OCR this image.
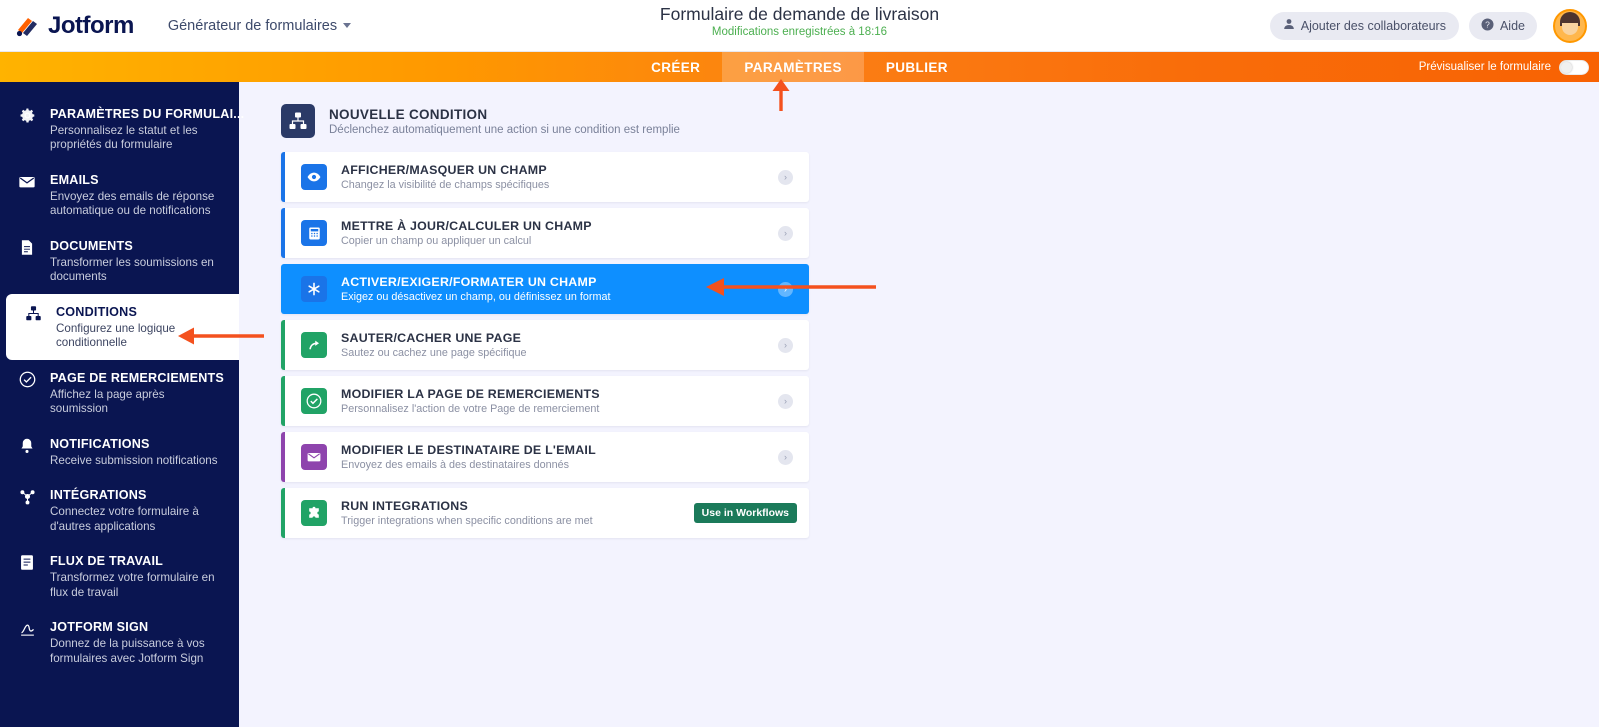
Jotform Générateur de formulaires
Formulaire de demande de livraison
Modifications enregistrées à 18:16	Ajouter des collaborateurs	? Aide
CRÉER	PARAMÈTRES	PUBLIER	Prévisualiser le formulaire
PARAMÈTRES DU FORMULAI...
Personnalisez le statut et les propriétés du formulaire
EMAILS
Envoyez des emails de réponse automatique ou de notifications
DOCUMENTS
Transformer les soumissions en documents
CONDITIONS
Configurez une logique conditionnelle
PAGE DE REMERCIEMENTS
Affichez la page après soumission
NOTIFICATIONS
Receive submission notifications
INTÉGRATIONS
Connectez votre formulaire à d'autres applications
FLUX DE TRAVAIL
Transformez votre formulaire en flux de travail
JOTFORM SIGN
Donnez de la puissance à vos formulaires avec Jotform Sign
NOUVELLE CONDITION
Déclenchez automatiquement une action si une condition est remplie
AFFICHER/MASQUER UN CHAMP
Changez la visibilité de champs spécifiques
›
METTRE À JOUR/CALCULER UN CHAMP
Copier un champ ou appliquer un calcul
›
ACTIVER/EXIGER/FORMATER UN CHAMP
Exigez ou désactivez un champ, ou définissez un format
›
SAUTER/CACHER UNE PAGE
Sautez ou cachez une page spécifique
›
MODIFIER LA PAGE DE REMERCIEMENTS
Personnalisez l'action de votre Page de remerciement
›
MODIFIER LE DESTINATAIRE DE L'EMAIL
Envoyez des emails à des destinataires donnés
›
RUN INTEGRATIONS
Trigger integrations when specific conditions are met
Use in Workflows
